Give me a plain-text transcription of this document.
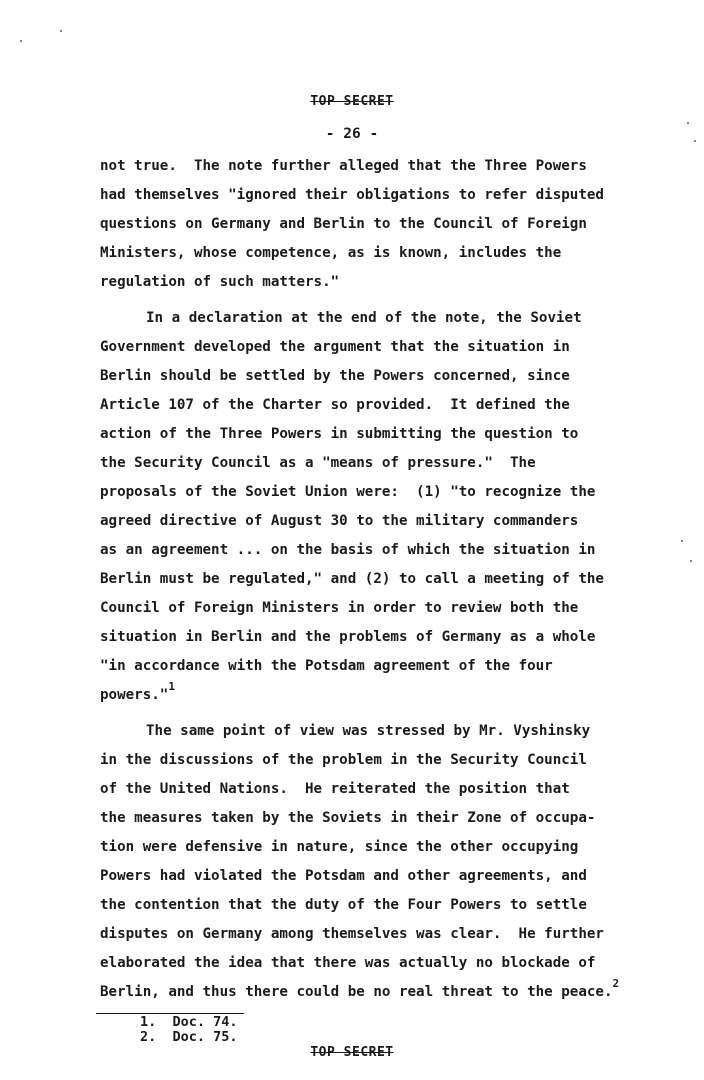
TOP SECRET
- 26 -
not true.  The note further alleged that the Three Powers
had themselves "ignored their obligations to refer disputed
questions on Germany and Berlin to the Council of Foreign
Ministers, whose competence, as is known, includes the
regulation of such matters."
In a declaration at the end of the note, the Soviet
Government developed the argument that the situation in
Berlin should be settled by the Powers concerned, since
Article 107 of the Charter so provided.  It defined the
action of the Three Powers in submitting the question to
the Security Council as a "means of pressure."  The
proposals of the Soviet Union were:  (1) "to recognize the
agreed directive of August 30 to the military commanders
as an agreement ... on the basis of which the situation in
Berlin must be regulated," and (2) to call a meeting of the
Council of Foreign Ministers in order to review both the
situation in Berlin and the problems of Germany as a whole
"in accordance with the Potsdam agreement of the four
powers."$^1$
The same point of view was stressed by Mr. Vyshinsky
in the discussions of the problem in the Security Council
of the United Nations.  He reiterated the position that
the measures taken by the Soviets in their Zone of occupa-
tion were defensive in nature, since the other occupying
Powers had violated the Potsdam and other agreements, and
the contention that the duty of the Four Powers to settle
disputes on Germany among themselves was clear.  He further
elaborated the idea that there was actually no blockade of
Berlin, and thus there could be no real threat to the peace.$^2$
1.  Doc. 74.
2.  Doc. 75.
TOP SECRET
